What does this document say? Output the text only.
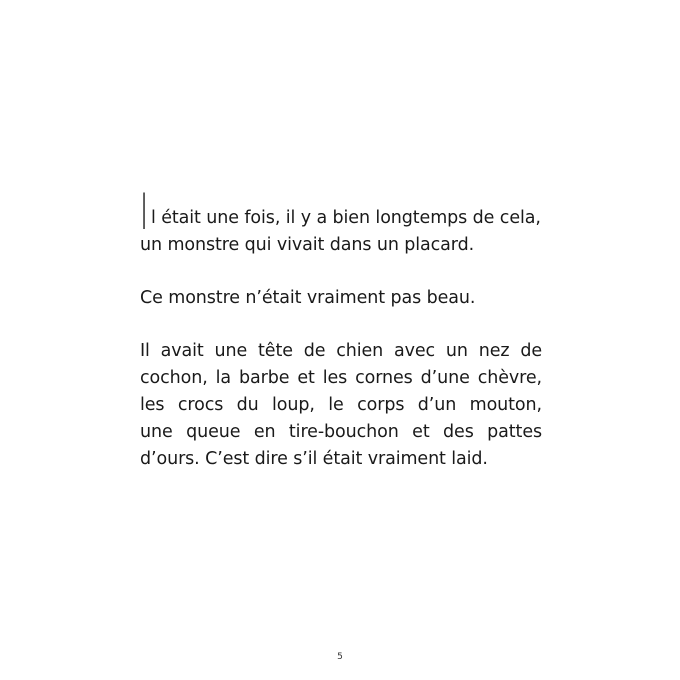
Il était une fois, il y a bien longtemps de cela,
un monstre qui vivait dans un placard.
Ce monstre n’était vraiment pas beau.
Il avait une tête de chien avec un nez de
cochon, la barbe et les cornes d’une chèvre,
les crocs du loup, le corps d’un mouton,
une queue en tire-bouchon et des pattes
d’ours. C’est dire s’il était vraiment laid.
5
